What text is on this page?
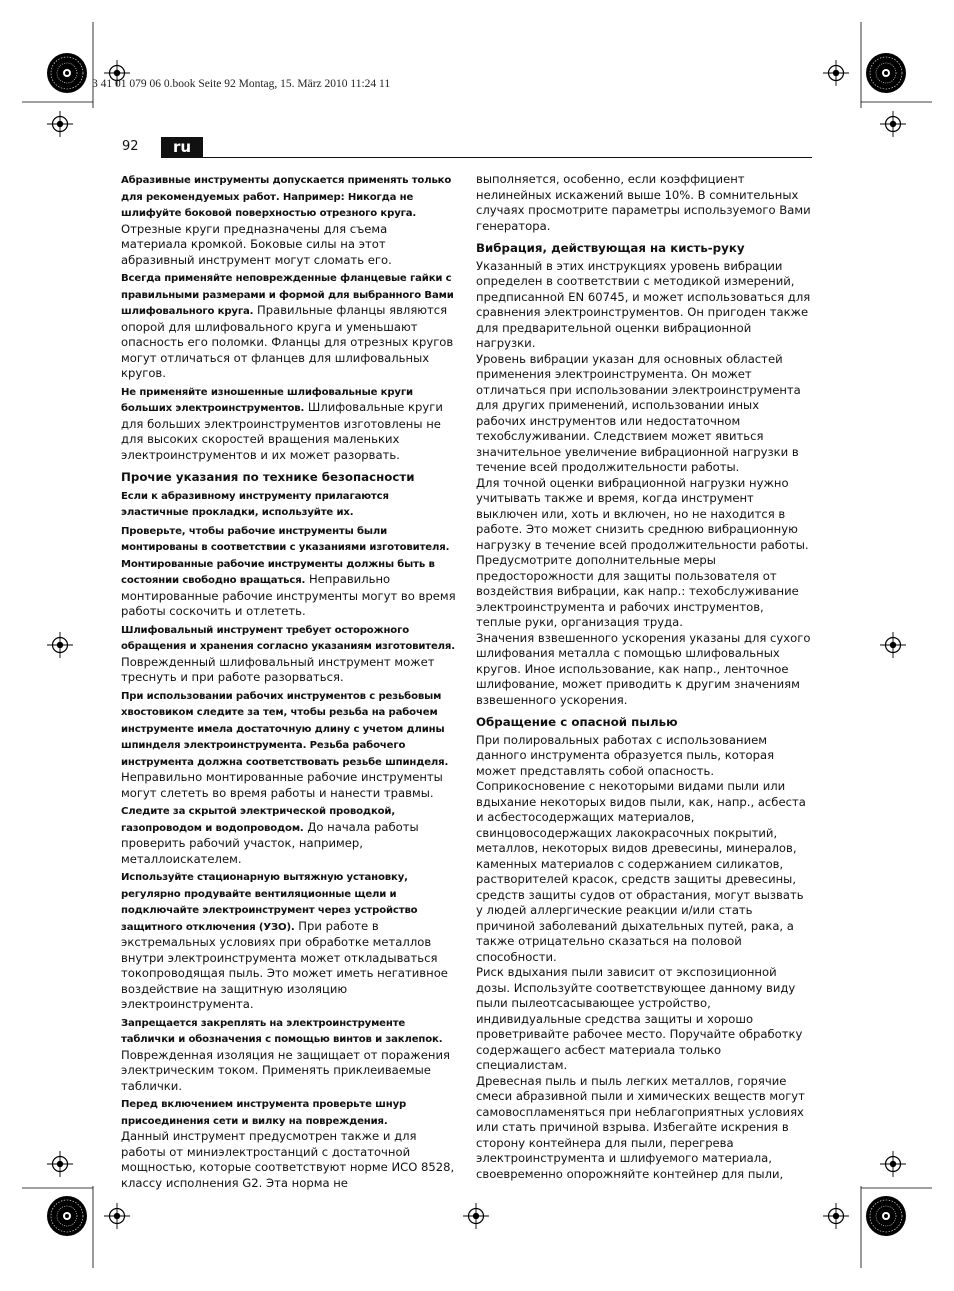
3 41 01 079 06 0.book Seite 92 Montag, 15. März 2010 11:24 11
92	ru

Абразивные инструменты допускается применять только для рекомендуемых работ. Например: Никогда не шлифуйте боковой поверхностью отрезного круга.
Отрезные круги предназначены для съема материала кромкой. Боковые силы на этот абразивный инструмент могут сломать его.

Всегда применяйте неповрежденные фланцевые гайки с правильными размерами и формой для выбранного Вами шлифовального круга. Правильные фланцы являются опорой для шлифовального круга и уменьшают опасность его поломки. Фланцы для отрезных кругов могут отличаться от фланцев для шлифовальных кругов.

Не применяйте изношенные шлифовальные круги больших электроинструментов. Шлифовальные круги для больших электроинструментов изготовлены не для высоких скоростей вращения маленьких электроинструментов и их может разорвать.

Прочие указания по технике безопасности

Если к абразивному инструменту прилагаются эластичные прокладки, используйте их.

Проверьте, чтобы рабочие инструменты были монтированы в соответствии с указаниями изготовителя. Монтированные рабочие инструменты должны быть в состоянии свободно вращаться. Неправильно монтированные рабочие инструменты могут во время работы соскочить и отлететь.

Шлифовальный инструмент требует осторожного обращения и хранения согласно указаниям изготовителя. Поврежденный шлифовальный инструмент может треснуть и при работе разорваться.

При использовании рабочих инструментов с резьбовым хвостовиком следите за тем, чтобы резьба на рабочем инструменте имела достаточную длину с учетом длины шпинделя электроинструмента. Резьба рабочего инструмента должна соответствовать резьбе шпинделя. Неправильно монтированные рабочие инструменты могут слететь во время работы и нанести травмы.

Следите за скрытой электрической проводкой, газопроводом и водопроводом. До начала работы проверить рабочий участок, например, металлоискателем.

Используйте стационарную вытяжную установку, регулярно продувайте вентиляционные щели и подключайте электроинструмент через устройство защитного отключения (УЗО). При работе в экстремальных условиях при обработке металлов внутри электроинструмента может откладываться токопроводящая пыль. Это может иметь негативное воздействие на защитную изоляцию электроинструмента.

Запрещается закреплять на электроинструменте таблички и обозначения с помощью винтов и заклепок.
Поврежденная изоляция не защищает от поражения электрическим током. Применять приклеиваемые таблички.

Перед включением инструмента проверьте шнур присоединения сети и вилку на повреждения.

Данный инструмент предусмотрен также и для работы от миниэлектростанций с достаточной мощностью, которые соответствуют норме ИСО 8528, классу исполнения G2. Эта норма не

выполняется, особенно, если коэффициент нелинейных искажений выше 10%. В сомнительных случаях просмотрите параметры используемого Вами генератора.

Вибрация, действующая на кисть-руку

Указанный в этих инструкциях уровень вибрации определен в соответствии с методикой измерений, предписанной EN 60745, и может использоваться для сравнения электроинструментов. Он пригоден также для предварительной оценки вибрационной нагрузки.

Уровень вибрации указан для основных областей применения электроинструмента. Он может отличаться при использовании электроинструмента для других применений, использовании иных рабочих инструментов или недостаточном техобслуживании. Следствием может явиться значительное увеличение вибрационной нагрузки в течение всей продолжительности работы.

Для точной оценки вибрационной нагрузки нужно учитывать также и время, когда инструмент выключен или, хоть и включен, но не находится в работе. Это может снизить среднюю вибрационную нагрузку в течение всей продолжительности работы.

Предусмотрите дополнительные меры предосторожности для защиты пользователя от воздействия вибрации, как напр.: техобслуживание электроинструмента и рабочих инструментов, теплые руки, организация труда.

Значения взвешенного ускорения указаны для сухого шлифования металла с помощью шлифовальных кругов. Иное использование, как напр., ленточное шлифование, может приводить к другим значениям взвешенного ускорения.

Обращение с опасной пылью

При полировальных работах с использованием данного инструмента образуется пыль, которая может представлять собой опасность.

Соприкосновение с некоторыми видами пыли или вдыхание некоторых видов пыли, как, напр., асбеста и асбестосодержащих материалов, свинцовосодержащих лакокрасочных покрытий, металлов, некоторых видов древесины, минералов, каменных материалов с содержанием силикатов, растворителей красок, средств защиты древесины, средств защиты судов от обрастания, могут вызвать у людей аллергические реакции и/или стать причиной заболеваний дыхательных путей, рака, а также отрицательно сказаться на половой способности.

Риск вдыхания пыли зависит от экспозиционной дозы. Используйте соответствующее данному виду пыли пылеотсасывающее устройство, индивидуальные средства защиты и хорошо проветривайте рабочее место. Поручайте обработку содержащего асбест материала только специалистам.

Древесная пыль и пыль легких металлов, горячие смеси абразивной пыли и химических веществ могут самовоспламеняться при неблагоприятных условиях или стать причиной взрыва. Избегайте искрения в сторону контейнера для пыли, перегрева электроинструмента и шлифуемого материала, своевременно опорожняйте контейнер для пыли,
